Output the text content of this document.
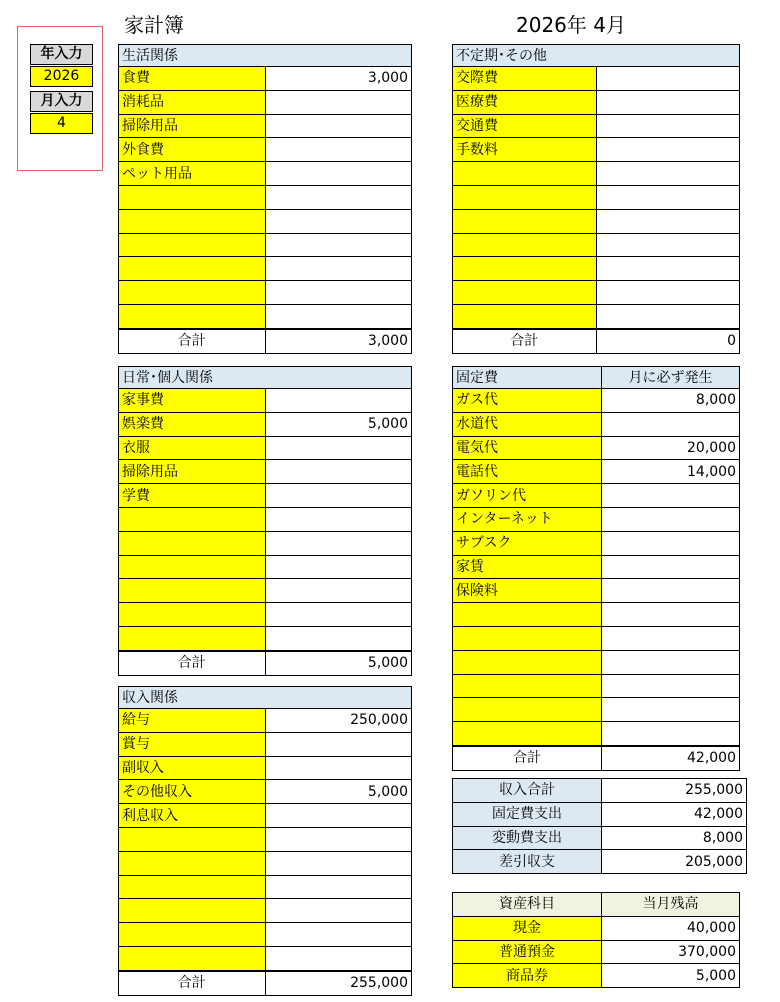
家計簿	2026年 4月
年入力
2026
月入力
4
生活関係	
食費	3,000
消耗品	
掃除用品	
外食費	
ペット用品	

合計	3,000
不定期･その他	
交際費	
医療費	
交通費	
手数料	

合計	0
日常･個人関係	
家事費	
娯楽費	5,000
衣服	
掃除用品	
学費	

合計	5,000
固定費	月に必ず発生
ガス代	8,000
水道代	
電気代	20,000
電話代	14,000
ガソリン代	
インターネット	
サブスク	
家賃	
保険料	

合計	42,000
収入関係	
給与	250,000
賞与	
副収入	
その他収入	5,000
利息収入	

合計	255,000
収入合計	255,000
固定費支出	42,000
変動費支出	8,000
差引収支	205,000
資産科目	当月残高
現金	40,000
普通預金	370,000
商品券	5,000
